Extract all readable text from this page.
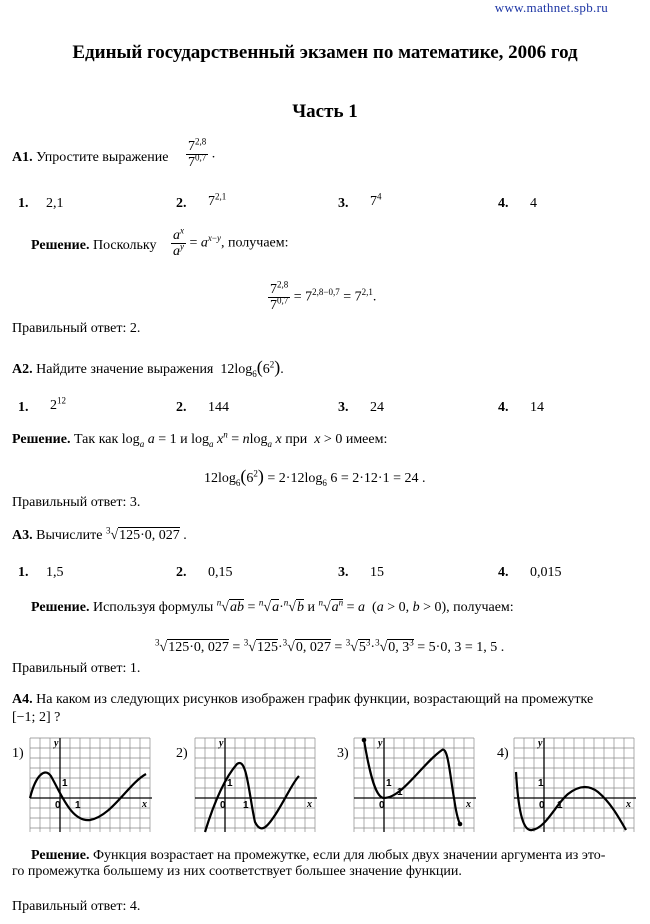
www.mathnet.spb.ru
Единый государственный экзамен по математике, 2006 год
Часть 1
А1. Упростите выражение $\frac{7^{2,8}}{7^{0,7}}$ .
1. 2,1	2. 7$^{2,1}$	3. $7^4$	4. 4
Решение. Поскольку $\frac{a^x}{a^y} = a^{x-y}$, получаем:
$\frac{7^{2,8}}{7^{0,7}} = 7^{2,8-0,7} = 7^{2,1}$.
Правильный ответ: 2.
А2. Найдите значение выражения  $12\log_6(6^2)$.
1. $2^{12}$	2. 144	3. 24	4. 14
Решение. Так как $\log_a a = 1$ и $\log_a x^n = nlog_a$ x при x > 0 имеем:
$12\log_6(6^2) = 2\cdot 12\log_6$ 6 = 2·12·1 = 24 .
Правильный ответ: 3.
А3. Вычислите $^3$√125·0, 027 .
1. 1,5	2. 0,15	3. 15	4. 0,015
Решение. Используя формулы $^n$√ab = $^n$√a·$^n$√b и $^n√a^n = a$  (a > 0, b > 0), получаем:
$^3$√125·0, 027 = $^3$√125·$^3$√0, $027 = ^3√5^3\cdot^3√0$, $3^3 = 5\cdot 0$, 3 = 1, 5 .
Правильный ответ: 1.
А4. На каком из следующих рисунков изображен график функции, возрастающий на промежутке
[−1; 2] ?
1)	2)	3)	4)
0 1
1
x
y
0 1
1
x
y
0
1
1
x
y
0 1
1
x
y
Решение. Функция возрастает на промежутке, если для любых двух значении аргумента из это-
го промежутка большему из них соответствует большее значение функции.
Правильный ответ: 4.
